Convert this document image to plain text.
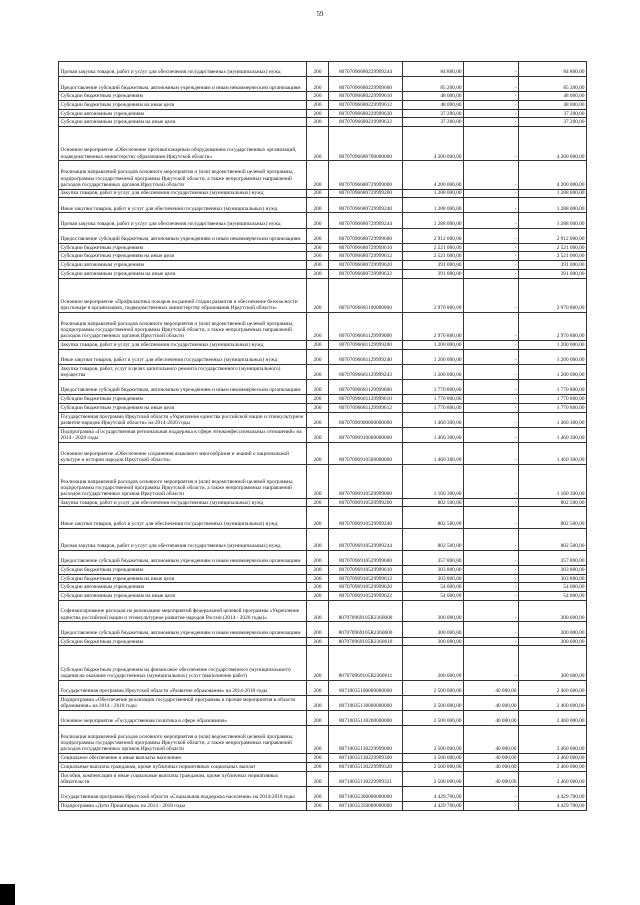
59
Прочая закупка товаров, работ и услуг для обеспечения государственных (муниципальных) нужд	200	80707096680229999244	84 800,00	-	84 800,00
Предоставление субсидий бюджетным, автономным учреждениям и иным некоммерческим организациям	200	80707096680229999600	85 200,00	-	85 200,00
Субсидии бюджетным учреждениям	200	80707096680229999610	48 000,00	-	48 000,00
Субсидии бюджетным учреждениям на иные цели	200	80707096680229999612	48 000,00	-	48 000,00
Субсидии автономным учреждениям	200	80707096680229999620	37 200,00	-	37 200,00
Субсидии автономным учреждениям на иные цели	200	80707096680229999622	37 200,00	-	37 200,00
Основное мероприятие «Обеспечение противопожарным оборудованием государственных организаций, подведомственных министерству образования Иркутской области»	200	80707096680700000000	4 200 000,00	-	4 200 000,00
Реализация направлений расходов основного мероприятия и (или) ведомственной целевой программы, подпрограммы государственной программы Иркутской области, а также непрограммных направлений расходов государственных органов Иркутской области	200	80707096680729999000	4 200 000,00	-	4 200 000,00
Закупка товаров, работ и услуг для обеспечения государственных (муниципальных) нужд	200	80707096680729999200	1 288 000,00	-	1 288 000,00
Иные закупки товаров, работ и услуг для обеспечения государственных (муниципальных) нужд	200	80707096680729999240	1 288 000,00	-	1 288 000,00
Прочая закупка товаров, работ и услуг для обеспечения государственных (муниципальных) нужд	200	80707096680729999244	1 288 000,00	-	1 288 000,00
Предоставление субсидий бюджетным, автономным учреждениям и иным некоммерческим организациям	200	80707096680729999600	2 912 000,00	-	2 912 000,00
Субсидии бюджетным учреждениям	200	80707096680729999610	2 521 000,00	-	2 521 000,00
Субсидии бюджетным учреждениям на иные цели	200	80707096680729999612	2 521 000,00	-	2 521 000,00
Субсидии автономным учреждениям	200	80707096680729999620	391 000,00	-	391 000,00
Субсидии автономным учреждениям на иные цели	200	80707096680729999622	391 000,00	-	391 000,00
Основное мероприятие «Профилактика пожаров на ранней стадии развития и обеспечение безопасности при пожаре в организациях, подведомственных министерству образования Иркутской области»	200	80707096681100000000	2 970 800,00	-	2 970 800,00
Реализация направлений расходов основного мероприятия и (или) ведомственной целевой программы, подпрограммы государственной программы Иркутской области, а также непрограммных направлений расходов государственных органов Иркутской области	200	80707096681129999000	2 970 800,00	-	2 970 800,00
Закупка товаров, работ и услуг для обеспечения государственных (муниципальных) нужд	200	80707096681129999200	1 200 000,00	-	1 200 000,00
Иные закупки товаров, работ и услуг для обеспечения государственных (муниципальных) нужд	200	80707096681129999240	1 200 000,00	-	1 200 000,00
Закупка товаров, работ, услуг в целях капитального ремонта государственного (муниципального) имущества	200	80707096681129999243	1 200 000,00	-	1 200 000,00
Предоставление субсидий бюджетным, автономным учреждениям и иным некоммерческим организациям	200	80707096681129999600	1 770 800,00	-	1 770 800,00
Субсидии бюджетным учреждениям	200	80707096681129999610	1 770 800,00	-	1 770 800,00
Субсидии бюджетным учреждениям на иные цели	200	80707096681129999612	1 770 800,00	-	1 770 800,00
Государственная программа Иркутской области «Укрепление единства российской нации и этнокультурное развитие народов Иркутской области» на 2014-2020 годы	200	80707096900000000000	1 460 300,00	-	1 460 300,00
Подпрограмма «Государственная региональная поддержка в сфере этноконфессиональных отношений» на 2014 - 2020 годы	200	80707096910000000000	1 460 300,00	-	1 460 300,00
Основное мероприятие «Обеспечение сохранения языкового многообразия и знаний о национальной культуре и истории народов Иркутской области»	200	80707096910500000000	1 460 300,00	-	1 460 300,00
Реализация направлений расходов основного мероприятия и (или) ведомственной целевой программы, подпрограммы государственной программы Иркутской области, а также непрограммных направлений расходов государственных органов Иркутской области	200	80707096910529999000	1 160 300,00	-	1 160 300,00
Закупка товаров, работ и услуг для обеспечения государственных (муниципальных) нужд	200	80707096910529999200	802 500,00	-	802 500,00
Иные закупки товаров, работ и услуг для обеспечения государственных (муниципальных) нужд	200	80707096910529999240	802 500,00	-	802 500,00
Прочая закупка товаров, работ и услуг для обеспечения государственных (муниципальных) нужд	200	80707096910529999244	802 500,00	-	802 500,00
Предоставление субсидий бюджетным, автономным учреждениям и иным некоммерческим организациям	200	80707096910529999600	357 800,00	-	357 800,00
Субсидии бюджетным учреждениям	200	80707096910529999610	303 800,00	-	303 800,00
Субсидии бюджетным учреждениям на иные цели	200	80707096910529999612	303 800,00	-	303 800,00
Субсидии автономным учреждениям	200	80707096910529999620	54 000,00	-	54 000,00
Субсидии автономным учреждениям на иные цели	200	80707096910529999622	54 000,00	-	54 000,00
Софинансирование расходов на реализацию мероприятий федеральной целевой программы «Укрепление единства российской нации и этнокультурное развитие народов России (2014 - 2020 годы)»	200	807070969105R2360000	300 000,00	-	300 000,00
Предоставление субсидий бюджетным, автономным учреждениям и иным некоммерческим организациям	200	807070969105R2360600	300 000,00	-	300 000,00
Субсидии бюджетным учреждениям	200	807070969105R2360610	300 000,00	-	300 000,00
Субсидии бюджетным учреждениям на финансовое обеспечение государственного (муниципального) задания на оказание государственных (муниципальных) услуг (выполнение работ)	200	807070969105R2360611	300 000,00	-	300 000,00
Государственная программа Иркутской области «Развитие образования» на 2014-2018 годы	200	80710035100000000000	2 500 000,00	40 000,00	2 460 000,00
Подпрограмма «Обеспечение реализации государственной программы и прочие мероприятия в области образования» на 2014 - 2018 годы	200	80710035130000000000	2 500 000,00	40 000,00	2 460 000,00
Основное мероприятие «Государственная политика в сфере образования»	200	80710035130200000000	2 500 000,00	40 000,00	2 460 000,00
Реализация направлений расходов основного мероприятия и (или) ведомственной целевой программы, подпрограммы государственной программы Иркутской области, а также непрограммных направлений расходов государственных органов Иркутской области	200	80710035130229999000	2 500 000,00	40 000,00	2 460 000,00
Социальное обеспечение и иные выплаты населению	200	80710035130229999300	2 500 000,00	40 000,00	2 460 000,00
Социальные выплаты гражданам, кроме публичных нормативных социальных выплат	200	80710035130229999320	2 500 000,00	40 000,00	2 460 000,00
Пособия, компенсации и иные социальные выплаты гражданам, кроме публичных нормативных обязательств	200	80710035130229999321	2 500 000,00	40 000,00	2 460 000,00
Государственная программа Иркутской области «Социальная поддержка населения» на 2014-2018 годы	200	80710035300000000000	4 429 700,00	-	4 429 700,00
Подпрограмма «Дети Приангарья» на 2014 - 2018 годы	200	80710035350000000000	4 429 700,00	-	4 429 700,00
